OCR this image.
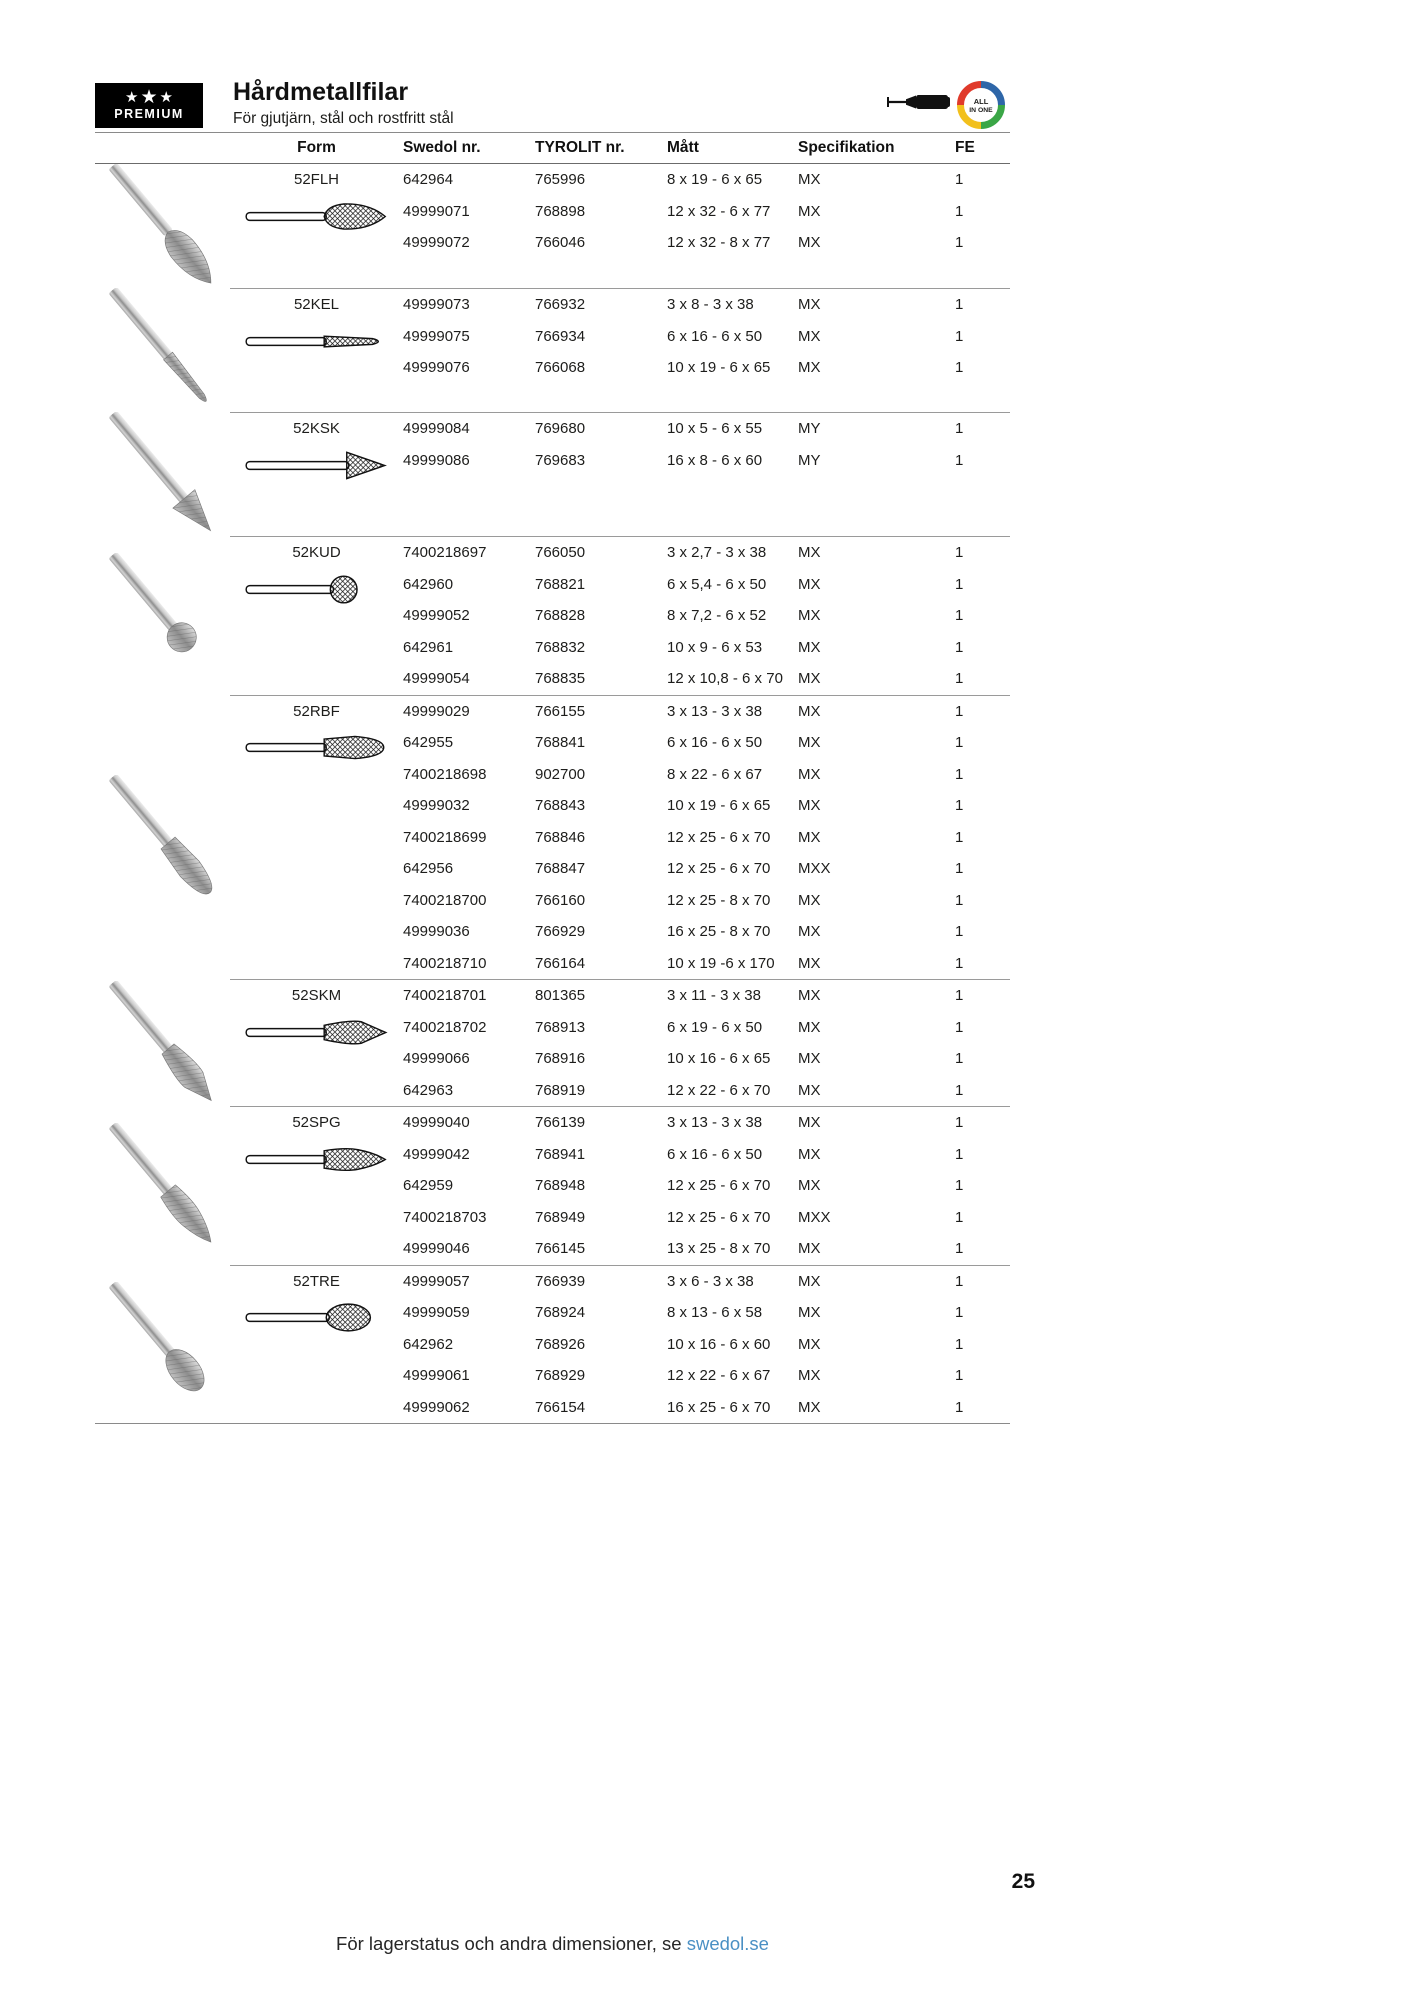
★ ★ ★
PREMIUM
Hårdmetallfilar
För gjutjärn, stål och rostfritt stål
ALL
IN ONE
Form	Swedol nr.	TYROLIT nr.	Mått	Specifikation	FE
52FLH	642964	765996	8 x 19 - 6 x 65	MX	1
49999071	768898	12 x 32 - 6 x 77	MX	1
49999072	766046	12 x 32 - 8 x 77	MX	1
52KEL	49999073	766932	3 x 8 - 3 x 38	MX	1
49999075	766934	6 x 16 - 6 x 50	MX	1
49999076	766068	10 x 19 - 6 x 65	MX	1
52KSK	49999084	769680	10 x 5 - 6 x 55	MY	1
49999086	769683	16 x 8 - 6 x 60	MY	1
52KUD	7400218697	766050	3 x 2,7 - 3 x 38	MX	1
642960	768821	6 x 5,4 - 6 x 50	MX	1
49999052	768828	8 x 7,2 - 6 x 52	MX	1
642961	768832	10 x 9 - 6 x 53	MX	1
49999054	768835	12 x 10,8 - 6 x 70	MX	1
52RBF	49999029	766155	3 x 13 - 3 x 38	MX	1
642955	768841	6 x 16 - 6 x 50	MX	1
7400218698	902700	8 x 22 - 6 x 67	MX	1
49999032	768843	10 x 19 - 6 x 65	MX	1
7400218699	768846	12 x 25 - 6 x 70	MX	1
642956	768847	12 x 25 - 6 x 70	MXX	1
7400218700	766160	12 x 25 - 8 x 70	MX	1
49999036	766929	16 x 25 - 8 x 70	MX	1
7400218710	766164	10 x 19 -6 x 170	MX	1
52SKM	7400218701	801365	3 x 11 - 3 x 38	MX	1
7400218702	768913	6 x 19 - 6 x 50	MX	1
49999066	768916	10 x 16 - 6 x 65	MX	1
642963	768919	12 x 22 - 6 x 70	MX	1
52SPG	49999040	766139	3 x 13 - 3 x 38	MX	1
49999042	768941	6 x 16 - 6 x 50	MX	1
642959	768948	12 x 25 - 6 x 70	MX	1
7400218703	768949	12 x 25 - 6 x 70	MXX	1
49999046	766145	13 x 25 - 8 x 70	MX	1
52TRE	49999057	766939	3 x 6 - 3 x 38	MX	1
49999059	768924	8 x 13 - 6 x 58	MX	1
642962	768926	10 x 16 - 6 x 60	MX	1
49999061	768929	12 x 22 - 6 x 67	MX	1
49999062	766154	16 x 25 - 6 x 70	MX	1
25
För lagerstatus och andra dimensioner, se swedol.se
